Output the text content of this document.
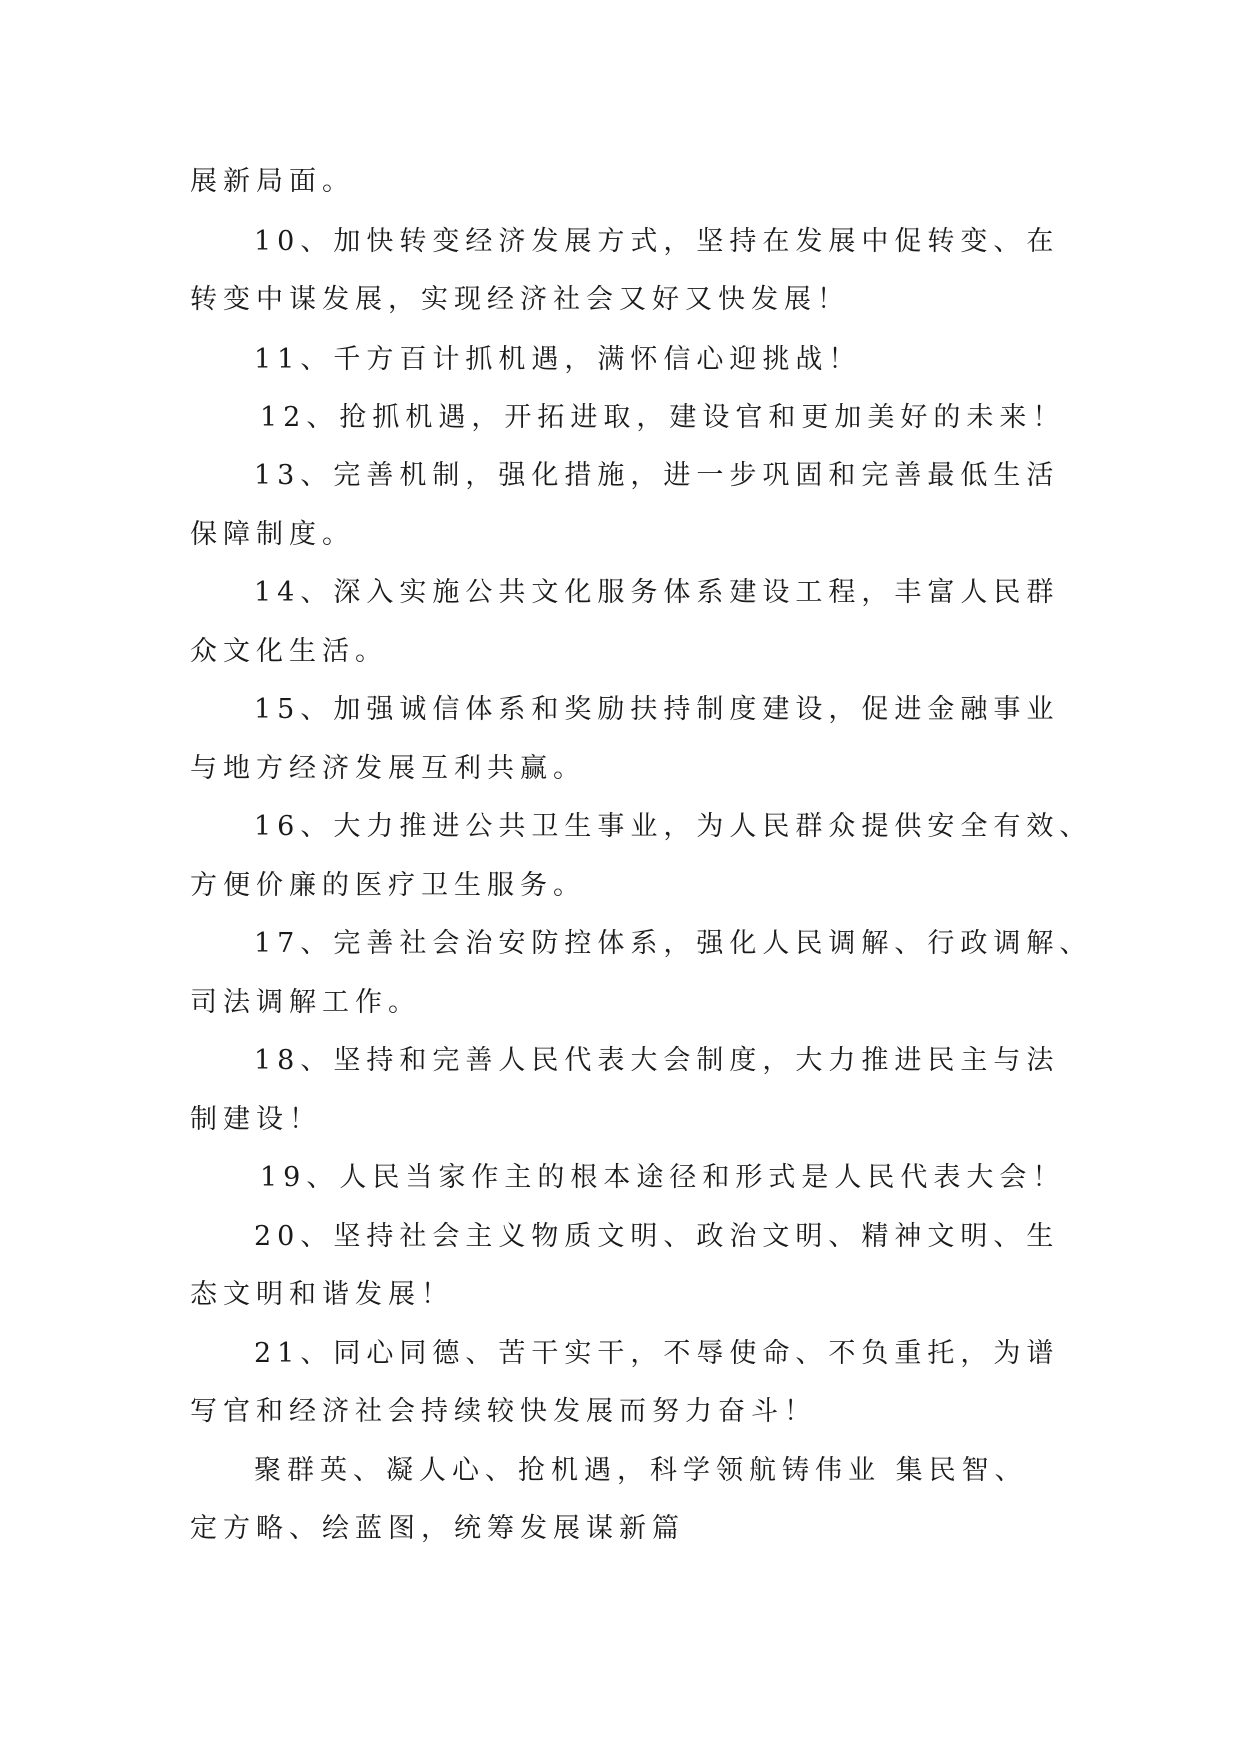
展新局面。

10、加快转变经济发展方式，坚持在发展中促转变、在

转变中谋发展，实现经济社会又好又快发展！

11、千方百计抓机遇，满怀信心迎挑战！

12、抢抓机遇，开拓进取，建设官和更加美好的未来！

13、完善机制，强化措施，进一步巩固和完善最低生活

保障制度。

14、深入实施公共文化服务体系建设工程，丰富人民群

众文化生活。

15、加强诚信体系和奖励扶持制度建设，促进金融事业

与地方经济发展互利共赢。

16、大力推进公共卫生事业，为人民群众提供安全有效、

方便价廉的医疗卫生服务。

17、完善社会治安防控体系，强化人民调解、行政调解、

司法调解工作。

18、坚持和完善人民代表大会制度，大力推进民主与法

制建设！

19、人民当家作主的根本途径和形式是人民代表大会！

20、坚持社会主义物质文明、政治文明、精神文明、生

态文明和谐发展！

21、同心同德、苦干实干，不辱使命、不负重托，为谱

写官和经济社会持续较快发展而努力奋斗！

聚群英、凝人心、抢机遇，科学领航铸伟业 集民智、

定方略、绘蓝图，统筹发展谋新篇
